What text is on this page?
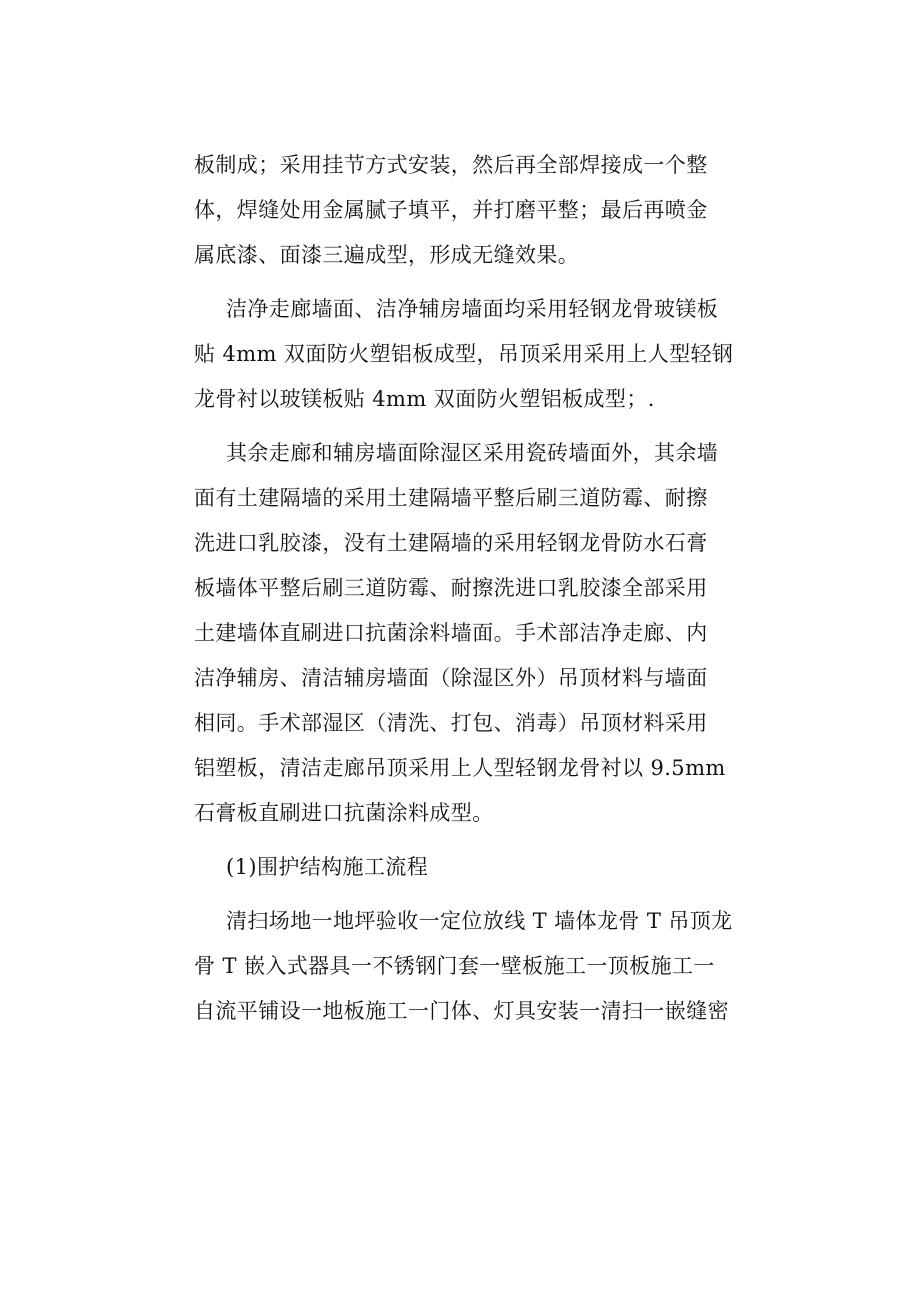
板制成；采用挂节方式安装，然后再全部焊接成一个整
体，焊缝处用金属腻子填平，并打磨平整；最后再喷金
属底漆、面漆三遍成型，形成无缝效果。
洁净走廊墙面、洁净辅房墙面均采用轻钢龙骨玻镁板
贴 4mm 双面防火塑铝板成型，吊顶采用采用上人型轻钢
龙骨衬以玻镁板贴 4mm 双面防火塑铝板成型；.
其余走廊和辅房墙面除湿区采用瓷砖墙面外，其余墙
面有土建隔墙的采用土建隔墙平整后刷三道防霉、耐擦
洗进口乳胶漆，没有土建隔墙的采用轻钢龙骨防水石膏
板墙体平整后刷三道防霉、耐擦洗进口乳胶漆全部采用
土建墙体直刷进口抗菌涂料墙面。手术部洁净走廊、内
洁净辅房、清洁辅房墙面（除湿区外）吊顶材料与墙面
相同。手术部湿区（清洗、打包、消毒）吊顶材料采用
铝塑板，清洁走廊吊顶采用上人型轻钢龙骨衬以 9.5mm
石膏板直刷进口抗菌涂料成型。
(1)围护结构施工流程
清扫场地一地坪验收一定位放线 T 墙体龙骨 T 吊顶龙
骨 T 嵌入式器具一不锈钢门套一壁板施工一顶板施工一
自流平铺设一地板施工一门体、灯具安装一清扫一嵌缝密
